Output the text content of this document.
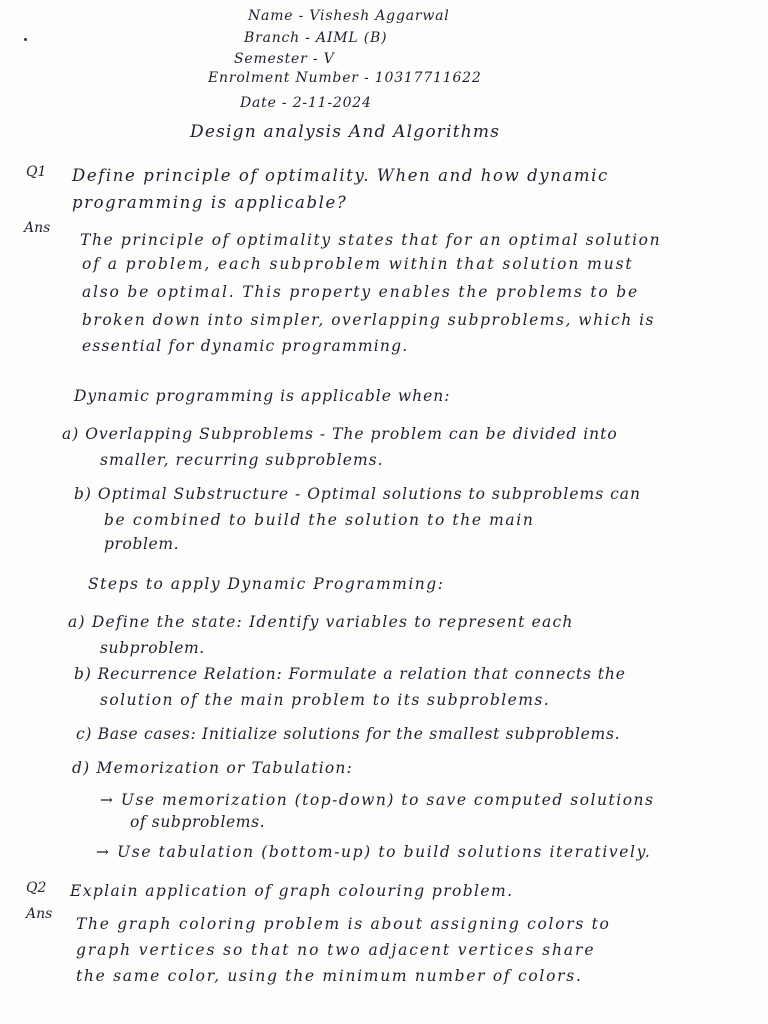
Name - Vishesh Aggarwal
Branch - AIML (B)
Semester - V
Enrolment Number - 10317711622
Date - 2-11-2024
Design analysis And Algorithms
Q1 Define principle of optimality. When and how dynamic
programming is applicable?
Ans
The principle of optimality states that for an optimal solution
of a problem, each subproblem within that solution must
also be optimal. This property enables the problems to be
broken down into simpler, overlapping subproblems, which is
essential for dynamic programming.
Dynamic programming is applicable when:
a) Overlapping Subproblems - The problem can be divided into
smaller, recurring subproblems.
b) Optimal Substructure - Optimal solutions to subproblems can
be combined to build the solution to the main
problem.
Steps to apply Dynamic Programming:
a) Define the state: Identify variables to represent each
subproblem.
b) Recurrence Relation: Formulate a relation that connects the
solution of the main problem to its subproblems.
c) Base cases: Initialize solutions for the smallest subproblems.
d) Memorization or Tabulation:
→ Use memorization (top-down) to save computed solutions
of subproblems.
→ Use tabulation (bottom-up) to build solutions iteratively.
Q2 Explain application of graph colouring problem.
Ans
The graph coloring problem is about assigning colors to
graph vertices so that no two adjacent vertices share
the same color, using the minimum number of colors.
